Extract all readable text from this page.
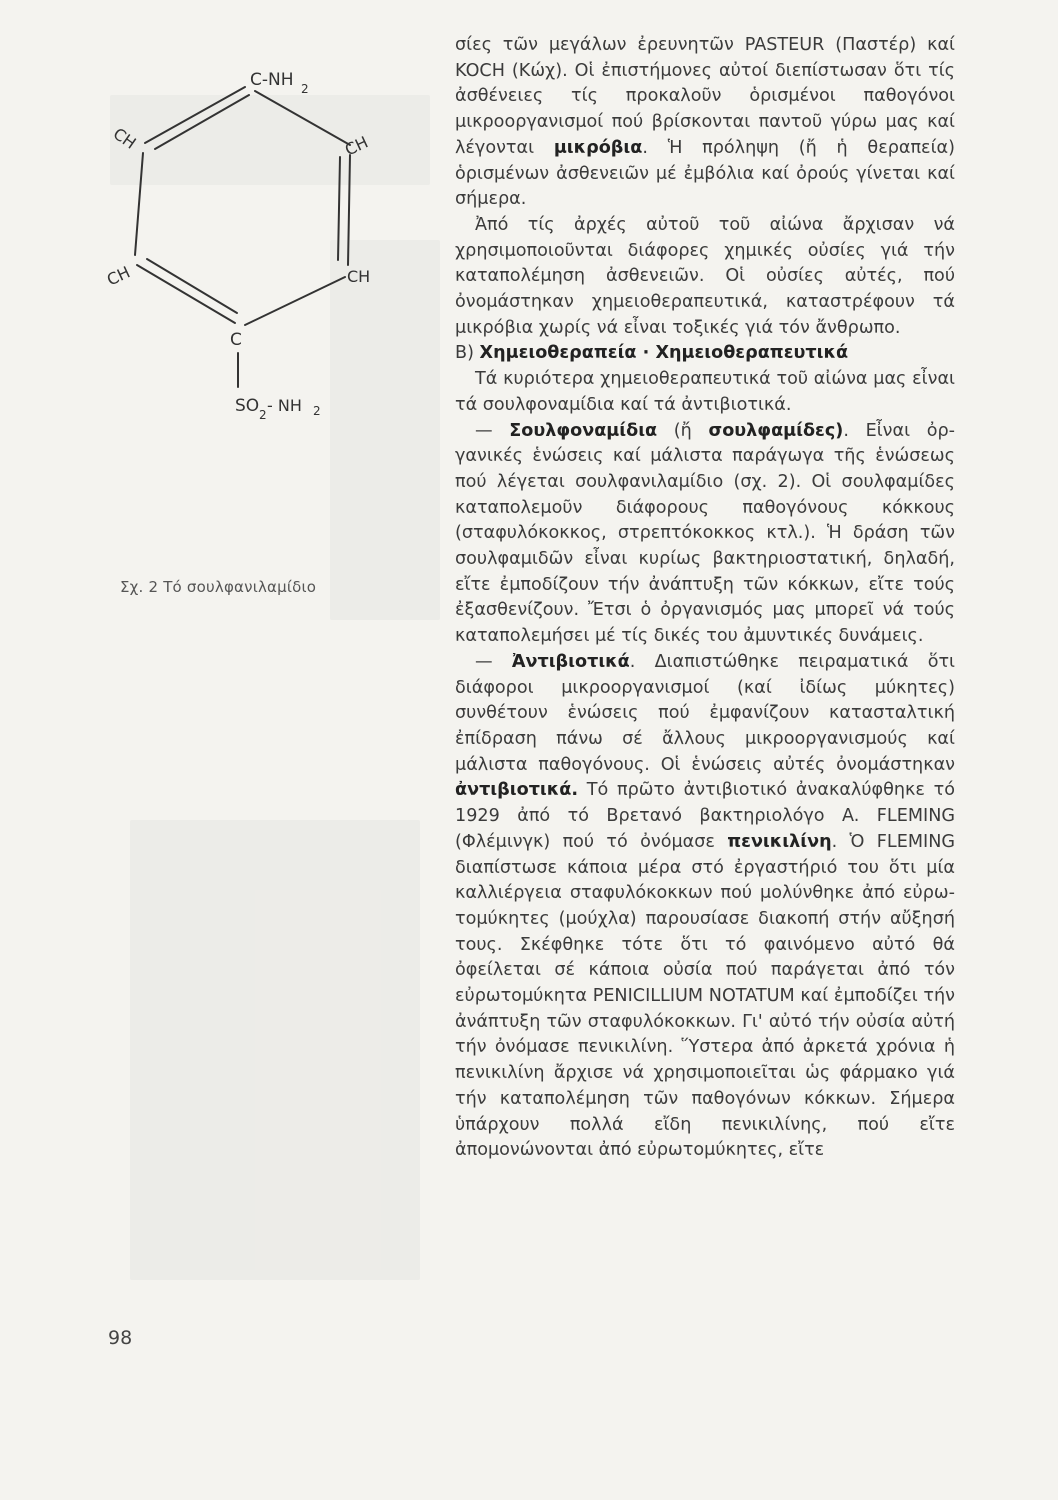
C-NH 2
CH	CH
CH	CH
C
SO 2 - NH 2
Σχ. 2 Τό σουλφανιλαμίδιο

σίες τῶν μεγάλων ἐρευνητῶν PASTEUR (Παστέρ) καί KOCH (Κώχ). Οἱ ἐπιστήμονες αὐτοί διεπίστωσαν ὅτι τίς ἀσθένειες τίς προκαλοῦν ὁρισμένοι παθογόνοι μικροοργανισμοί πού βρίσκονται παντοῦ γύρω μας καί λέγονται μικρόβια. Ἡ πρόληψη (ἤ ἡ θεραπεία) ὁρισμένων ἀσθενειῶν μέ ἐμβόλια καί ὀρούς γίνεται καί σήμερα.

Ἀπό τίς ἀρχές αὐτοῦ τοῦ αἰώνα ἄρχισαν νά χρησιμοποιοῦνται διάφορες χημικές οὐσίες γιά τήν καταπολέμηση ἀσθενειῶν. Οἱ οὐσίες αὐτές, πού ὀνομάστηκαν χημειοθεραπευτικά, καταστρέφουν τά μικρόβια χωρίς νά εἶναι τοξικές γιά τόν ἄνθρωπο.

B) Χημειοθεραπεία · Χημειοθεραπευτικά

Τά κυριότερα χημειοθεραπευτικά τοῦ αἰώνα μας εἶναι τά σουλφοναμίδια καί τά ἀντιβιοτικά.

— Σουλφοναμίδια (ἤ σουλφαμίδες). Εἶναι ὀργανικές ἑνώσεις καί μάλιστα παράγωγα τῆς ἑνώσεως πού λέγεται σουλφανιλαμίδιο (σχ. 2). Οἱ σουλφαμίδες καταπολεμοῦν διάφορους παθογόνους κόκκους (σταφυλόκοκκος, στρεπτόκοκκος κτλ.). Ἡ δράση τῶν σουλφαμιδῶν εἶναι κυρίως βακτηριοστατική, δηλαδή, εἴτε ἐμποδίζουν τήν ἀνάπτυξη τῶν κόκκων, εἴτε τούς ἐξασθενίζουν. Ἔτσι ὁ ὀργανισμός μας μπορεῖ νά τούς καταπολεμήσει μέ τίς δικές του ἀμυντικές δυνάμεις.

— Ἀντιβιοτικά. Διαπιστώθηκε πειραματικά ὅτι διάφοροι μικροοργανισμοί (καί ἰδίως μύκητες) συνθέτουν ἑνώσεις πού ἐμφανίζουν κατασταλτική ἐπίδραση πάνω σέ ἄλλους μικροοργανισμούς καί μάλιστα παθογόνους. Οἱ ἑνώσεις αὐτές ὀνομάστηκαν ἀντιβιοτικά. Τό πρῶτο ἀντιβιοτικό ἀνακαλύφθηκε τό 1929 ἀπό τό Βρετανό βακτηριολόγο A. FLEMING (Φλέμινγκ) πού τό ὀνόμασε πενικιλίνη. Ὁ FLEMING διαπίστωσε κάποια μέρα στό ἐργαστήριό του ὅτι μία καλλιέργεια σταφυλόκοκκων πού μολύνθηκε ἀπό εὐρωτομύκητες (μούχλα) παρουσίασε διακοπή στήν αὔξησή τους. Σκέφθηκε τότε ὅτι τό φαινόμενο αὐτό θά ὀφείλεται σέ κάποια οὐσία πού παράγεται ἀπό τόν εὐρωτομύκητα PENICILLIUM NOTATUM καί ἐμποδίζει τήν ἀνάπτυξη τῶν σταφυλόκοκκων. Γι' αὐτό τήν οὐσία αὐτή τήν ὀνόμασε πενικιλίνη. Ὕστερα ἀπό ἀρκετά χρόνια ἡ πενικιλίνη ἄρχισε νά χρησιμοποιεῖται ὡς φάρμακο γιά τήν καταπολέμηση τῶν παθογόνων κόκκων. Σήμερα ὑπάρχουν πολλά εἴδη πενικιλίνης, πού εἴτε ἀπομονώνονται ἀπό εὐρωτομύκητες, εἴτε

98
